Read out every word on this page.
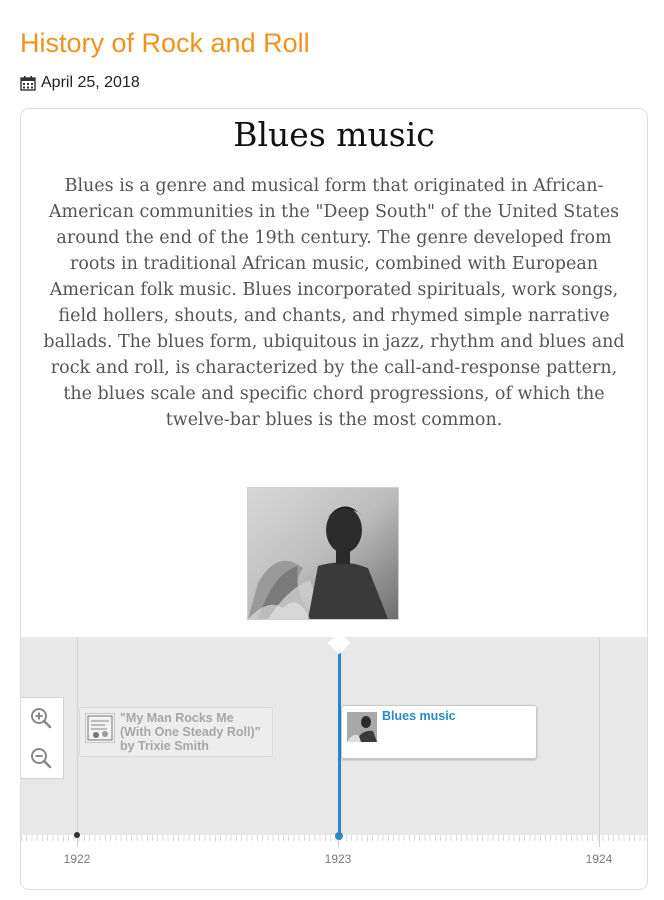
History of Rock and Roll
April 25, 2018
Blues music

Blues is a genre and musical form that originated in African-American communities in the "Deep South" of the United States around the end of the 19th century. The genre developed from roots in traditional African music, combined with European American folk music. Blues incorporated spirituals, work songs, field hollers, shouts, and chants, and rhymed simple narrative ballads. The blues form, ubiquitous in jazz, rhythm and blues and rock and roll, is characterized by the call-and-response pattern, the blues scale and specific chord progressions, of which the twelve-bar blues is the most common.

"My Man Rocks Me (With One Steady Roll)" by Trixie Smith
Blues music
1922	1923	1924
